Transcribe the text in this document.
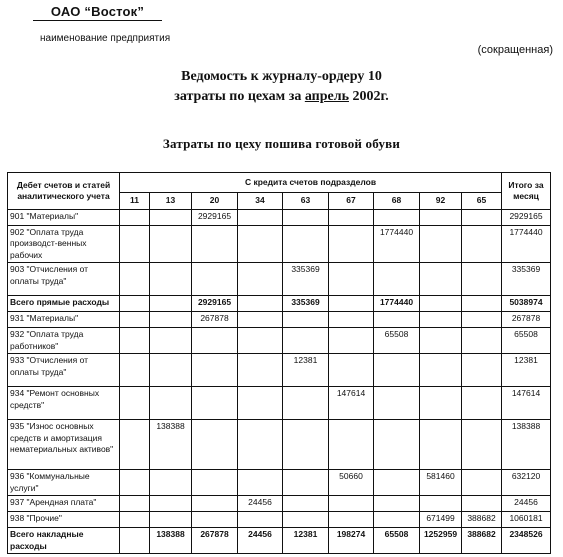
ОАО “Восток”
наименование предприятия
(сокращенная)
Ведомость к журналу-ордеру 10
затраты по цехам за апрель 2002г.
Затраты по цеху пошива готовой обуви
Дебет счетов и статей аналитического учета	С кредита счетов подразделов									Итого за месяц
	11	13	20	34	63	67	68	92	65	
901 "Материалы"			2929165							2929165
902 "Оплата труда производст-венных рабочих							1774440			1774440
903 "Отчисления от оплаты труда"					335369					335369
Всего прямые расходы			2929165		335369		1774440			5038974
931 "Материалы"			267878							267878
932 "Оплата труда работников"							65508			65508
933 "Отчисления от оплаты труда"					12381					12381
934 "Ремонт основных средств"						147614				147614
935 "Износ основных средств и амортизация нематериальных активов"		138388								138388
936 "Коммунальные услуги"						50660		581460		632120
937 "Арендная плата"				24456						24456
938 "Прочие"								671499	388682	1060181
Всего накладные расходы		138388	267878	24456	12381	198274	65508	1252959	388682	2348526
